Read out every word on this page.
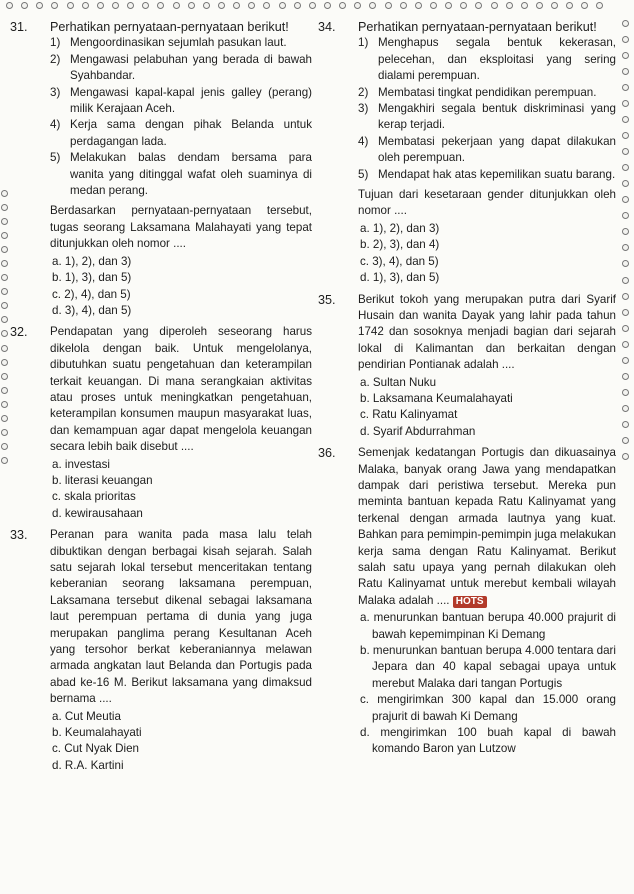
31. Perhatikan pernyataan-pernyataan berikut!
1) Mengoordinasikan sejumlah pasukan laut.
2) Mengawasi pelabuhan yang berada di bawah Syahbandar.
3) Mengawasi kapal-kapal jenis galley (perang) milik Kerajaan Aceh.
4) Kerja sama dengan pihak Belanda untuk perdagangan lada.
5) Melakukan balas dendam bersama para wanita yang ditinggal wafat oleh suaminya di medan perang.
Berdasarkan pernyataan-pernyataan tersebut, tugas seorang Laksamana Malahayati yang tepat ditunjukkan oleh nomor ....
a. 1), 2), dan 3)
b. 1), 3), dan 5)
c. 2), 4), dan 5)
d. 3), 4), dan 5)
32. Pendapatan yang diperoleh seseorang harus dikelola dengan baik. Untuk mengelolanya, dibutuhkan suatu pengetahuan dan keterampilan terkait keuangan. Di mana serangkaian aktivitas atau proses untuk meningkatkan pengetahuan, keterampilan konsumen maupun masyarakat luas, dan kemampuan agar dapat mengelola keuangan secara lebih baik disebut ....
a. investasi
b. literasi keuangan
c. skala prioritas
d. kewirausahaan
33. Peranan para wanita pada masa lalu telah dibuktikan dengan berbagai kisah sejarah. Salah satu sejarah lokal tersebut menceritakan tentang keberanian seorang laksamana perempuan, Laksamana tersebut dikenal sebagai laksamana laut perempuan pertama di dunia yang juga merupakan panglima perang Kesultanan Aceh yang tersohor berkat keberaniannya melawan armada angkatan laut Belanda dan Portugis pada abad ke-16 M. Berikut laksamana yang dimaksud bernama ....
a. Cut Meutia
b. Keumalahayati
c. Cut Nyak Dien
d. R.A. Kartini
34. Perhatikan pernyataan-pernyataan berikut!
1) Menghapus segala bentuk kekerasan, pelecehan, dan eksploitasi yang sering dialami perempuan.
2) Membatasi tingkat pendidikan perempuan.
3) Mengakhiri segala bentuk diskriminasi yang kerap terjadi.
4) Membatasi pekerjaan yang dapat dilakukan oleh perempuan.
5) Mendapat hak atas kepemilikan suatu barang.
Tujuan dari kesetaraan gender ditunjukkan oleh nomor ....
a. 1), 2), dan 3)
b. 2), 3), dan 4)
c. 3), 4), dan 5)
d. 1), 3), dan 5)
35. Berikut tokoh yang merupakan putra dari Syarif Husain dan wanita Dayak yang lahir pada tahun 1742 dan sosoknya menjadi bagian dari sejarah lokal di Kalimantan dan berkaitan dengan pendirian Pontianak adalah ....
a. Sultan Nuku
b. Laksamana Keumalahayati
c. Ratu Kalinyamat
d. Syarif Abdurrahman
36. Semenjak kedatangan Portugis dan dikuasainya Malaka, banyak orang Jawa yang mendapatkan dampak dari peristiwa tersebut. Mereka pun meminta bantuan kepada Ratu Kalinyamat yang terkenal dengan armada lautnya yang kuat. Bahkan para pemimpin-pemimpin juga melakukan kerja sama dengan Ratu Kalinyamat. Berikut salah satu upaya yang pernah dilakukan oleh Ratu Kalinyamat untuk merebut kembali wilayah Malaka adalah .... HOTS
a. menurunkan bantuan berupa 40.000 prajurit di bawah kepemimpinan Ki Demang
b. menurunkan bantuan berupa 4.000 tentara dari Jepara dan 40 kapal sebagai upaya untuk merebut Malaka dari tangan Portugis
c. mengirimkan 300 kapal dan 15.000 orang prajurit di bawah Ki Demang
d. mengirimkan 100 buah kapal di bawah komando Baron yan Lutzow
